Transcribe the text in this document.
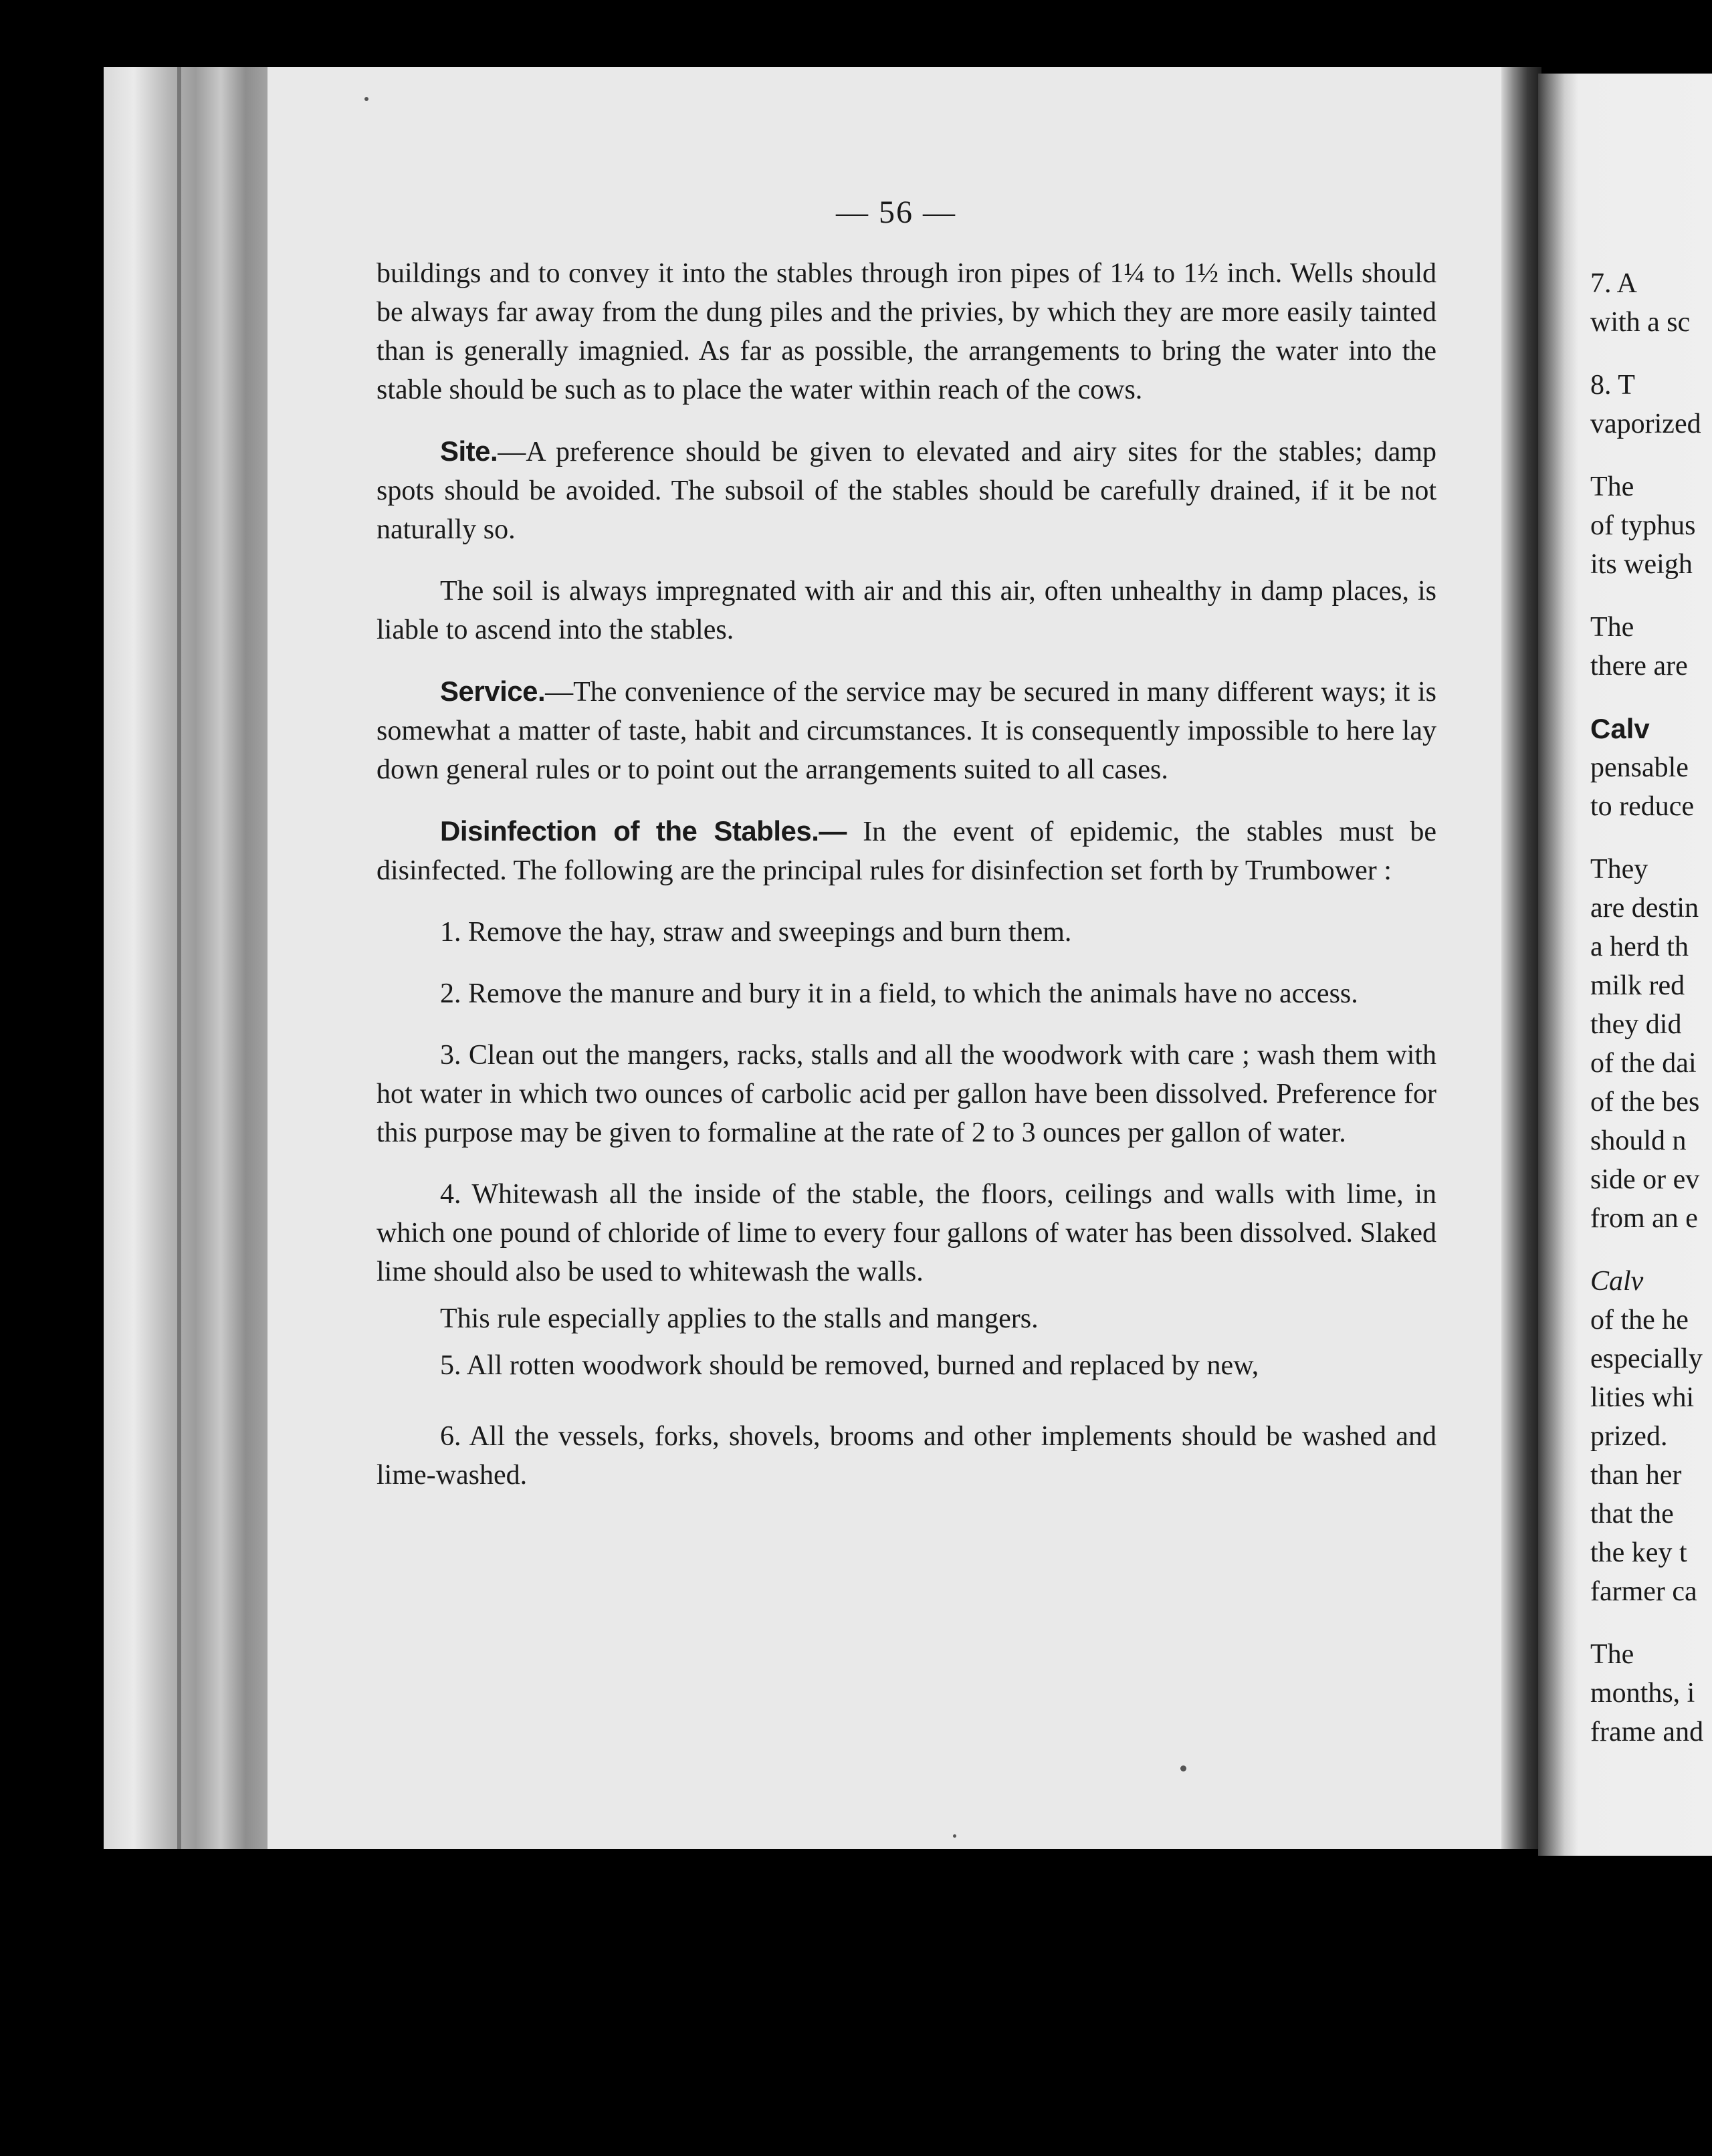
— 56 —

buildings and to convey it into the stables through iron pipes of 1¼ to 1½ inch. Wells should be always far away from the dung piles and the privies, by which they are more easily tainted than is generally imagnied. As far as possible, the arrangements to bring the water into the stable should be such as to place the water within reach of the cows.

Site.—A preference should be given to elevated and airy sites for the stables; damp spots should be avoided. The subsoil of the stables should be carefully drained, if it be not naturally so.

The soil is always impregnated with air and this air, often unhealthy in damp places, is liable to ascend into the stables.

Service.—The convenience of the service may be secured in many different ways; it is somewhat a matter of taste, habit and circumstances. It is consequently impossible to here lay down general rules or to point out the arrangements suited to all cases.

Disinfection of the Stables.— In the event of epidemic, the stables must be disinfected. The following are the principal rules for disinfection set forth by Trumbower :

1. Remove the hay, straw and sweepings and burn them.

2. Remove the manure and bury it in a field, to which the animals have no access.

3. Clean out the mangers, racks, stalls and all the woodwork with care ; wash them with hot water in which two ounces of carbolic acid per gallon have been dissolved. Preference for this purpose may be given to formaline at the rate of 2 to 3 ounces per gallon of water.

4. Whitewash all the inside of the stable, the floors, ceilings and walls with lime, in which one pound of chloride of lime to every four gallons of water has been dissolved. Slaked lime should also be used to whitewash the walls.

This rule especially applies to the stalls and mangers.

5. All rotten woodwork should be removed, burned and replaced by new,

6. All the vessels, forks, shovels, brooms and other implements should be washed and lime-washed.

7. A
with a sc
8. T
vaporized
The
of typhus
its weigh
The
there are
Calv
pensable
to reduce
They
are destin
a herd th
milk red
they did
of the dai
of the bes
should n
side or ev
from an e
Calv
of the he
especially
lities whi
prized.
than her
that the
the key t
farmer ca
The
months, i
frame and
